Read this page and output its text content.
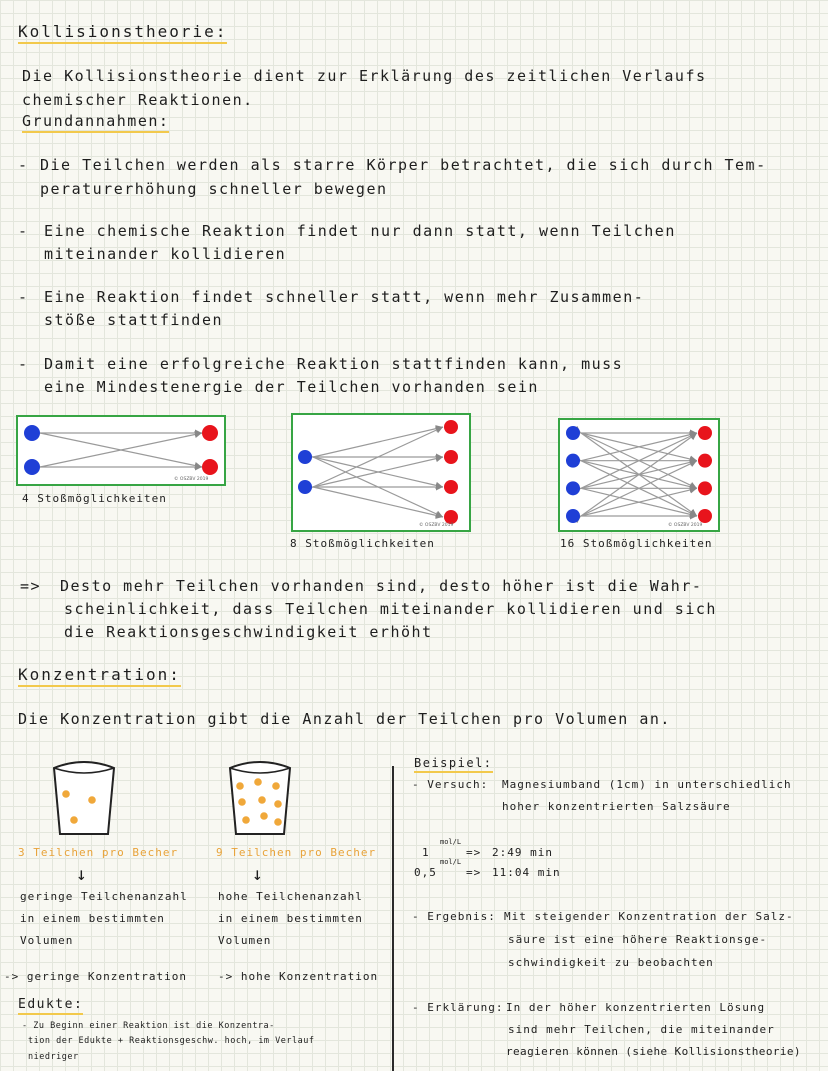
Kollisionstheorie:
Die Kollisionstheorie dient zur Erklärung des zeitlichen Verlaufs
chemischer Reaktionen.
Grundannahmen:
- Die Teilchen werden als starre Körper betrachtet, die sich durch Tem-
peraturerhöhung schneller bewegen
- Eine chemische Reaktion findet nur dann statt, wenn Teilchen
miteinander kollidieren
- Eine Reaktion findet schneller statt, wenn mehr Zusammen-
stöße stattfinden
- Damit eine erfolgreiche Reaktion stattfinden kann, muss
eine Mindestenergie der Teilchen vorhanden sein
© OSZBV 2019
4 Stoßmöglichkeiten
© OSZBV 2019
8 Stoßmöglichkeiten
© OSZBV 2019
16 Stoßmöglichkeiten
=> Desto mehr Teilchen vorhanden sind, desto höher ist die Wahr-
scheinlichkeit, dass Teilchen miteinander kollidieren und sich
die Reaktionsgeschwindigkeit erhöht
Konzentration:
Die Konzentration gibt die Anzahl der Teilchen pro Volumen an.
3 Teilchen pro Becher
↓
geringe Teilchenanzahl
in einem bestimmten
Volumen
-> geringe Konzentration
9 Teilchen pro Becher
↓
hohe Teilchenanzahl
in einem bestimmten
Volumen
-> hohe Konzentration
Edukte:
- Zu Beginn einer Reaktion ist die Konzentra-
tion der Edukte + Reaktionsgeschw. hoch, im Verlauf
niedriger
Beispiel:
- Versuch: Magnesiumband (1cm) in unterschiedlich
hoher konzentrierten Salzsäure
1
mol/L
=> 2:49 min
0,5
mol/L
=> 11:04 min
- Ergebnis: Mit steigender Konzentration der Salz-
säure ist eine höhere Reaktionsge-
schwindigkeit zu beobachten
- Erklärung: In der höher konzentrierten Lösung
sind mehr Teilchen, die miteinander
reagieren können (siehe Kollisionstheorie)
